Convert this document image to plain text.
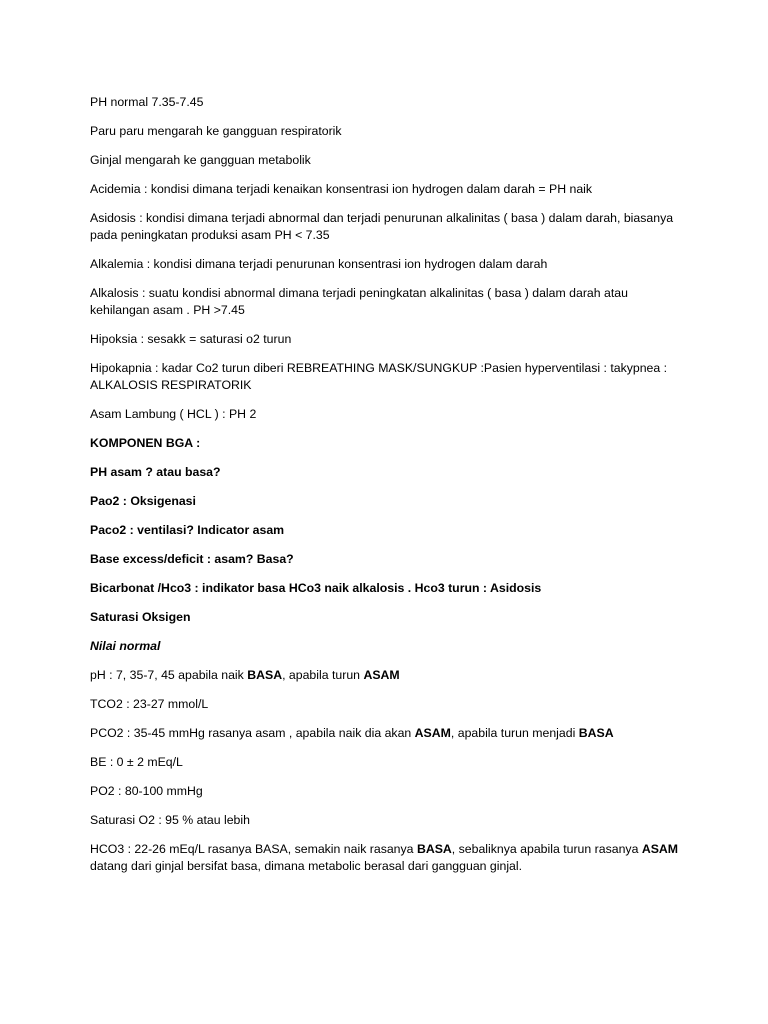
PH normal 7.35-7.45

Paru paru mengarah ke gangguan respiratorik

Ginjal mengarah ke gangguan metabolik

Acidemia : kondisi dimana terjadi kenaikan konsentrasi ion hydrogen dalam darah = PH naik

Asidosis : kondisi dimana terjadi abnormal dan terjadi penurunan alkalinitas ( basa ) dalam darah, biasanya pada peningkatan produksi asam PH < 7.35

Alkalemia : kondisi dimana terjadi penurunan konsentrasi ion hydrogen dalam darah

Alkalosis : suatu kondisi abnormal dimana terjadi peningkatan alkalinitas ( basa ) dalam darah atau kehilangan asam . PH >7.45

Hipoksia : sesakk = saturasi o2 turun

Hipokapnia : kadar Co2 turun diberi REBREATHING MASK/SUNGKUP :Pasien hyperventilasi : takypnea : ALKALOSIS RESPIRATORIK

Asam Lambung ( HCL ) : PH 2

KOMPONEN BGA :

PH asam ? atau basa?

Pao2 : Oksigenasi

Paco2 : ventilasi? Indicator asam

Base excess/deficit : asam? Basa?

Bicarbonat /Hco3 : indikator basa HCo3 naik alkalosis . Hco3 turun : Asidosis

Saturasi Oksigen

Nilai normal

pH : 7, 35-7, 45 apabila naik BASA, apabila turun ASAM

TCO2 : 23-27 mmol/L

PCO2 : 35-45 mmHg rasanya asam , apabila naik dia akan ASAM, apabila turun menjadi BASA

BE : 0 ± 2 mEq/L

PO2 : 80-100 mmHg

Saturasi O2 : 95 % atau lebih

HCO3 : 22-26 mEq/L rasanya BASA, semakin naik rasanya BASA, sebaliknya apabila turun rasanya ASAM datang dari ginjal bersifat basa, dimana metabolic berasal dari gangguan ginjal.
